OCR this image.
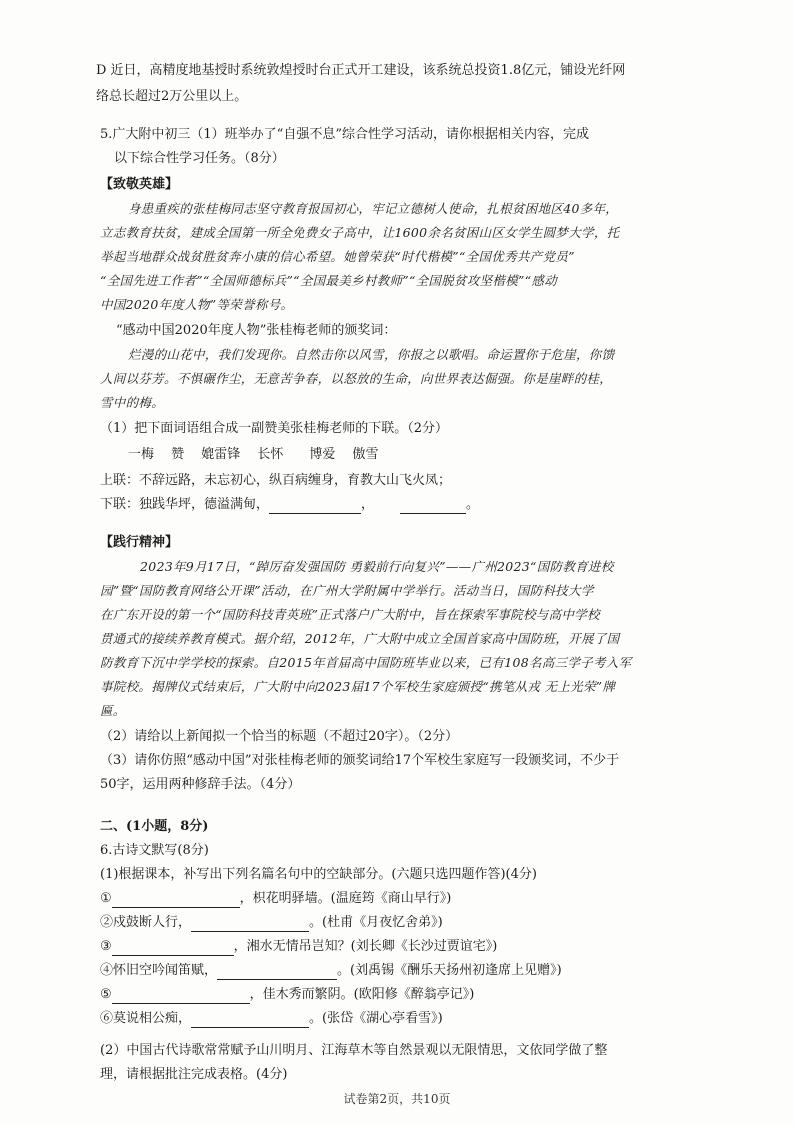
D 近日，高精度地基授时系统敦煌授时台正式开工建设，该系统总投资1.8亿元，铺设光纤网
络总长超过2万公里以上。
5.广大附中初三（1）班举办了“自强不息”综合性学习活动，请你根据相关内容，完成
以下综合性学习任务。（8分）
【致敬英雄】
身患重疾的张桂梅同志坚守教育报国初心，牢记立德树人使命，扎根贫困地区40多年，
立志教育扶贫，建成全国第一所全免费女子高中，让1600余名贫困山区女学生圆梦大学，托
举起当地群众战贫胜贫奔小康的信心希望。她曾荣获“时代楷模”“全国优秀共产党员”
“全国先进工作者”“全国师德标兵”“全国最美乡村教师”“全国脱贫攻坚楷模”“感动
中国2020年度人物”等荣誉称号。
“感动中国2020年度人物”张桂梅老师的颁奖词：
烂漫的山花中，我们发现你。自然击你以风雪，你报之以歌唱。命运置你于危崖，你馈
人间以芬芳。不惧碾作尘，无意苦争春，以怒放的生命，向世界表达倔强。你是崖畔的桂，
雪中的梅。
（1）把下面词语组合成一副赞美张桂梅老师的下联。（2分）
一梅　 赞　 媲雷锋　 长怀　　博爱　 傲雪
上联：不辞远路，未忘初心，纵百病缠身，育教大山飞火凤；
下联：独践华坪，德溢满甸，	，	。
【践行精神】
2023年9月17日，“踔厉奋发强国防 勇毅前行向复兴”——广州2023“国防教育进校
园”暨“国防教育网络公开课”活动，在广州大学附属中学举行。活动当日，国防科技大学
在广东开设的第一个“国防科技青英班”正式落户广大附中，旨在探索军事院校与高中学校
贯通式的接续养教育模式。据介绍，2012年，广大附中成立全国首家高中国防班，开展了国
防教育下沉中学学校的探索。自2015年首届高中国防班毕业以来，已有108名高三学子考入军
事院校。揭牌仪式结束后，广大附中向2023届17个军校生家庭颁授“携笔从戎 无上光荣”牌
匾。
（2）请给以上新闻拟一个恰当的标题（不超过20字）。（2分）
（3）请你仿照“感动中国”对张桂梅老师的颁奖词给17个军校生家庭写一段颁奖词，不少于
50字，运用两种修辞手法。（4分）
二、(1小题，8分)
6.古诗文默写(8分)
(1)根据课本，补写出下列名篇名句中的空缺部分。(六题只选四题作答)(4分)
①	，枳花明驿墙。(温庭筠《商山早行》)
②戍鼓断人行，	。(杜甫《月夜忆舍弟》)
③	，湘水无情吊岂知？(刘长卿《长沙过贾谊宅》)
④怀旧空吟闻笛赋，	。(刘禹锡《酬乐天扬州初逢席上见赠》)
⑤	，佳木秀而繁阴。(欧阳修《醉翁亭记》)
⑥莫说相公痴，	。(张岱《湖心亭看雪》)
(2）中国古代诗歌常常赋予山川明月、江海草木等自然景观以无限情思，文依同学做了整
理，请根据批注完成表格。(4分)
试卷第2页，共10页
